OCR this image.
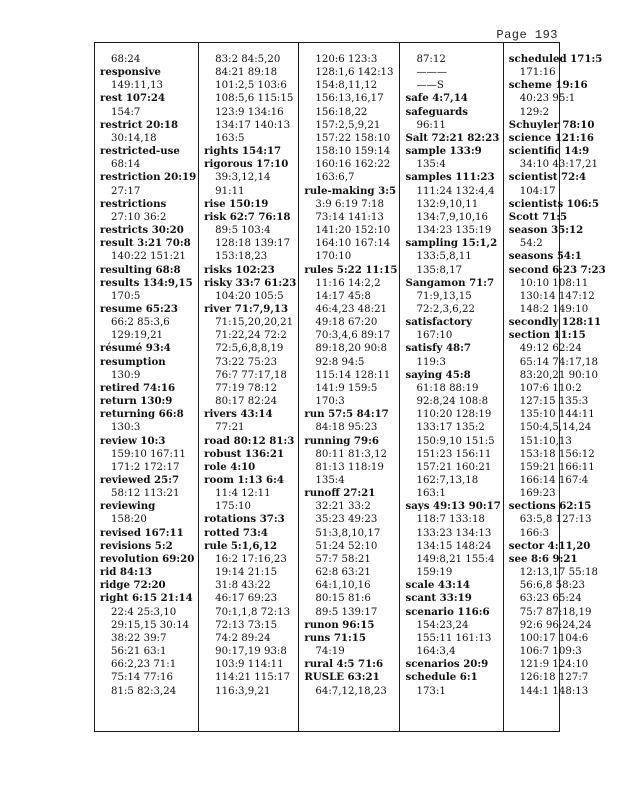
Page 193
68:24
responsive
149:11,13
rest 107:24
154:7
restrict 20:18
30:14,18
restricted-use
68:14
restriction 20:19
27:17
restrictions
27:10 36:2
restricts 30:20
result 3:21 70:8
140:22 151:21
resulting 68:8
results 134:9,15
170:5
resume 65:23
66:2 85:3,6
129:19,21
résumé 93:4
resumption
130:9
retired 74:16
return 130:9
returning 66:8
130:3
review 10:3
159:10 167:11
171:2 172:17
reviewed 25:7
58:12 113:21
reviewing
158:20
revised 167:11
revisions 5:2
revolution 69:20
rid 84:13
ridge 72:20
right 6:15 21:14
22:4 25:3,10
29:15,15 30:14
38:22 39:7
56:21 63:1
66:2,23 71:1
75:14 77:16
81:5 82:3,24
83:2 84:5,20
84:21 89:18
101:2,5 103:6
108:5,6 115:15
123:9 134:16
134:17 140:13
163:5
rights 154:17
rigorous 17:10
39:3,12,14
91:11
rise 150:19
risk 62:7 76:18
89:5 103:4
128:18 139:17
153:18,23
risks 102:23
risky 33:7 61:23
104:20 105:5
river 71:7,9,13
71:15,20,20,21
71:22,24 72:2
72:5,6,8,8,19
73:22 75:23
76:7 77:17,18
77:19 78:12
80:17 82:24
rivers 43:14
77:21
road 80:12 81:3
robust 136:21
role 4:10
room 1:13 6:4
11:4 12:11
175:10
rotations 37:3
rotted 73:4
rule 5:1,6,12
16:2 17:16,23
19:14 21:15
31:8 43:22
46:17 69:23
70:1,1,8 72:13
72:13 73:15
74:2 89:24
90:17,19 93:8
103:9 114:11
114:21 115:17
116:3,9,21
120:6 123:3
128:1,6 142:13
154:8,11,12
156:13,16,17
156:18,22
157:2,5,9,21
157:22 158:10
158:10 159:14
160:16 162:22
163:6,7
rule-making 3:5
3:9 6:19 7:18
73:14 141:13
141:20 152:10
164:10 167:14
170:10
rules 5:22 11:15
11:16 14:2,2
14:17 45:8
46:4,23 48:21
49:18 67:20
70:3,4,6 89:17
89:18,20 90:8
92:8 94:5
115:14 128:11
141:9 159:5
170:3
run 57:5 84:17
84:18 95:23
running 79:6
80:11 81:3,12
81:13 118:19
135:4
runoff 27:21
32:21 33:2
35:23 49:23
51:3,8,10,17
51:24 52:10
57:7 58:21
62:8 63:21
64:1,10,16
80:15 81:6
89:5 139:17
runon 96:15
runs 71:15
74:19
rural 4:5 71:6
RUSLE 63:21
64:7,12,18,23
87:12
———
——S
safe 4:7,14
safeguards
96:11
Salt 72:21 82:23
sample 133:9
135:4
samples 111:23
111:24 132:4,4
132:9,10,11
134:7,9,10,16
134:23 135:19
sampling 15:1,2
133:5,8,11
135:8,17
Sangamon 71:7
71:9,13,15
72:2,3,6,22
satisfactory
167:10
satisfy 48:7
119:3
saying 45:8
61:18 88:19
92:8,24 108:8
110:20 128:19
133:17 135:2
150:9,10 151:5
151:23 156:11
157:21 160:21
162:7,13,18
163:1
says 49:13 90:17
118:7 133:18
133:23 134:13
134:15 148:24
149:8,21 155:4
159:19
scale 43:14
scant 33:19
scenario 116:6
154:23,24
155:11 161:13
164:3,4
scenarios 20:9
schedule 6:1
173:1
scheduled 171:5
171:16
scheme 19:16
40:23 95:1
129:2
Schuyler 78:10
science 121:16
scientific 14:9
34:10 43:17,21
scientist 72:4
104:17
scientists 106:5
Scott 71:5
season 35:12
54:2
seasons 54:1
second 6:23 7:23
10:10 108:11
130:14 147:12
148:2 149:10
secondly 128:11
section 11:15
49:12 62:24
65:14 74:17,18
83:20,21 90:10
107:6 110:2
127:15 135:3
135:10 144:11
150:4,5,14,24
151:10,13
153:18 156:12
159:21 166:11
166:14 167:4
169:23
sections 62:15
63:5,8 127:13
166:3
sector 4:11,20
see 8:6 9:21
12:13,17 55:18
56:6,8 58:23
63:23 65:24
75:7 87:18,19
92:6 96:24,24
100:17 104:6
106:7 109:3
121:9 124:10
126:18 127:7
144:1 148:13
